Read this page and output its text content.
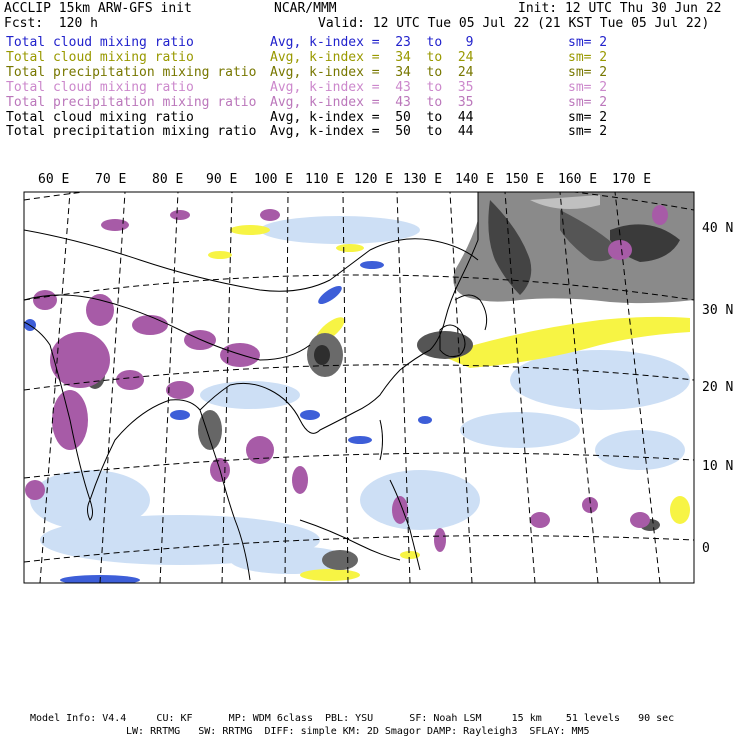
ACCLIP 15km ARW-GFS init	NCAR/MMM	Init: 12 UTC Thu 30 Jun 22
Fcst:  120 h	Valid: 12 UTC Tue 05 Jul 22 (21 KST Tue 05 Jul 22)
Total cloud mixing ratio	Avg, k-index =  23  to   9	sm= 2
Total cloud mixing ratio	Avg, k-index =  34  to  24	sm= 2
Total precipitation mixing ratio Avg, k-index =  34  to  24	sm= 2
Total cloud mixing ratio	Avg, k-index =  43  to  35	sm= 2
Total precipitation mixing ratio Avg, k-index =  43  to  35	sm= 2
Total cloud mixing ratio	Avg, k-index =  50  to  44	sm= 2
Total precipitation mixing ratio Avg, k-index =  50  to  44	sm= 2
60 E 70 E 80 E 90 E 100 E 110 E 120 E 130 E 140 E 150 E 160 E 170 E
40 N
30 N
20 N
10 N
0
Model Info: V4.4     CU: KF      MP: WDM 6class  PBL: YSU      SF: Noah LSM     15 km    51 levels   90 sec
LW: RRTMG   SW: RRTMG  DIFF: simple KM: 2D Smagor DAMP: Rayleigh3  SFLAY: MM5
